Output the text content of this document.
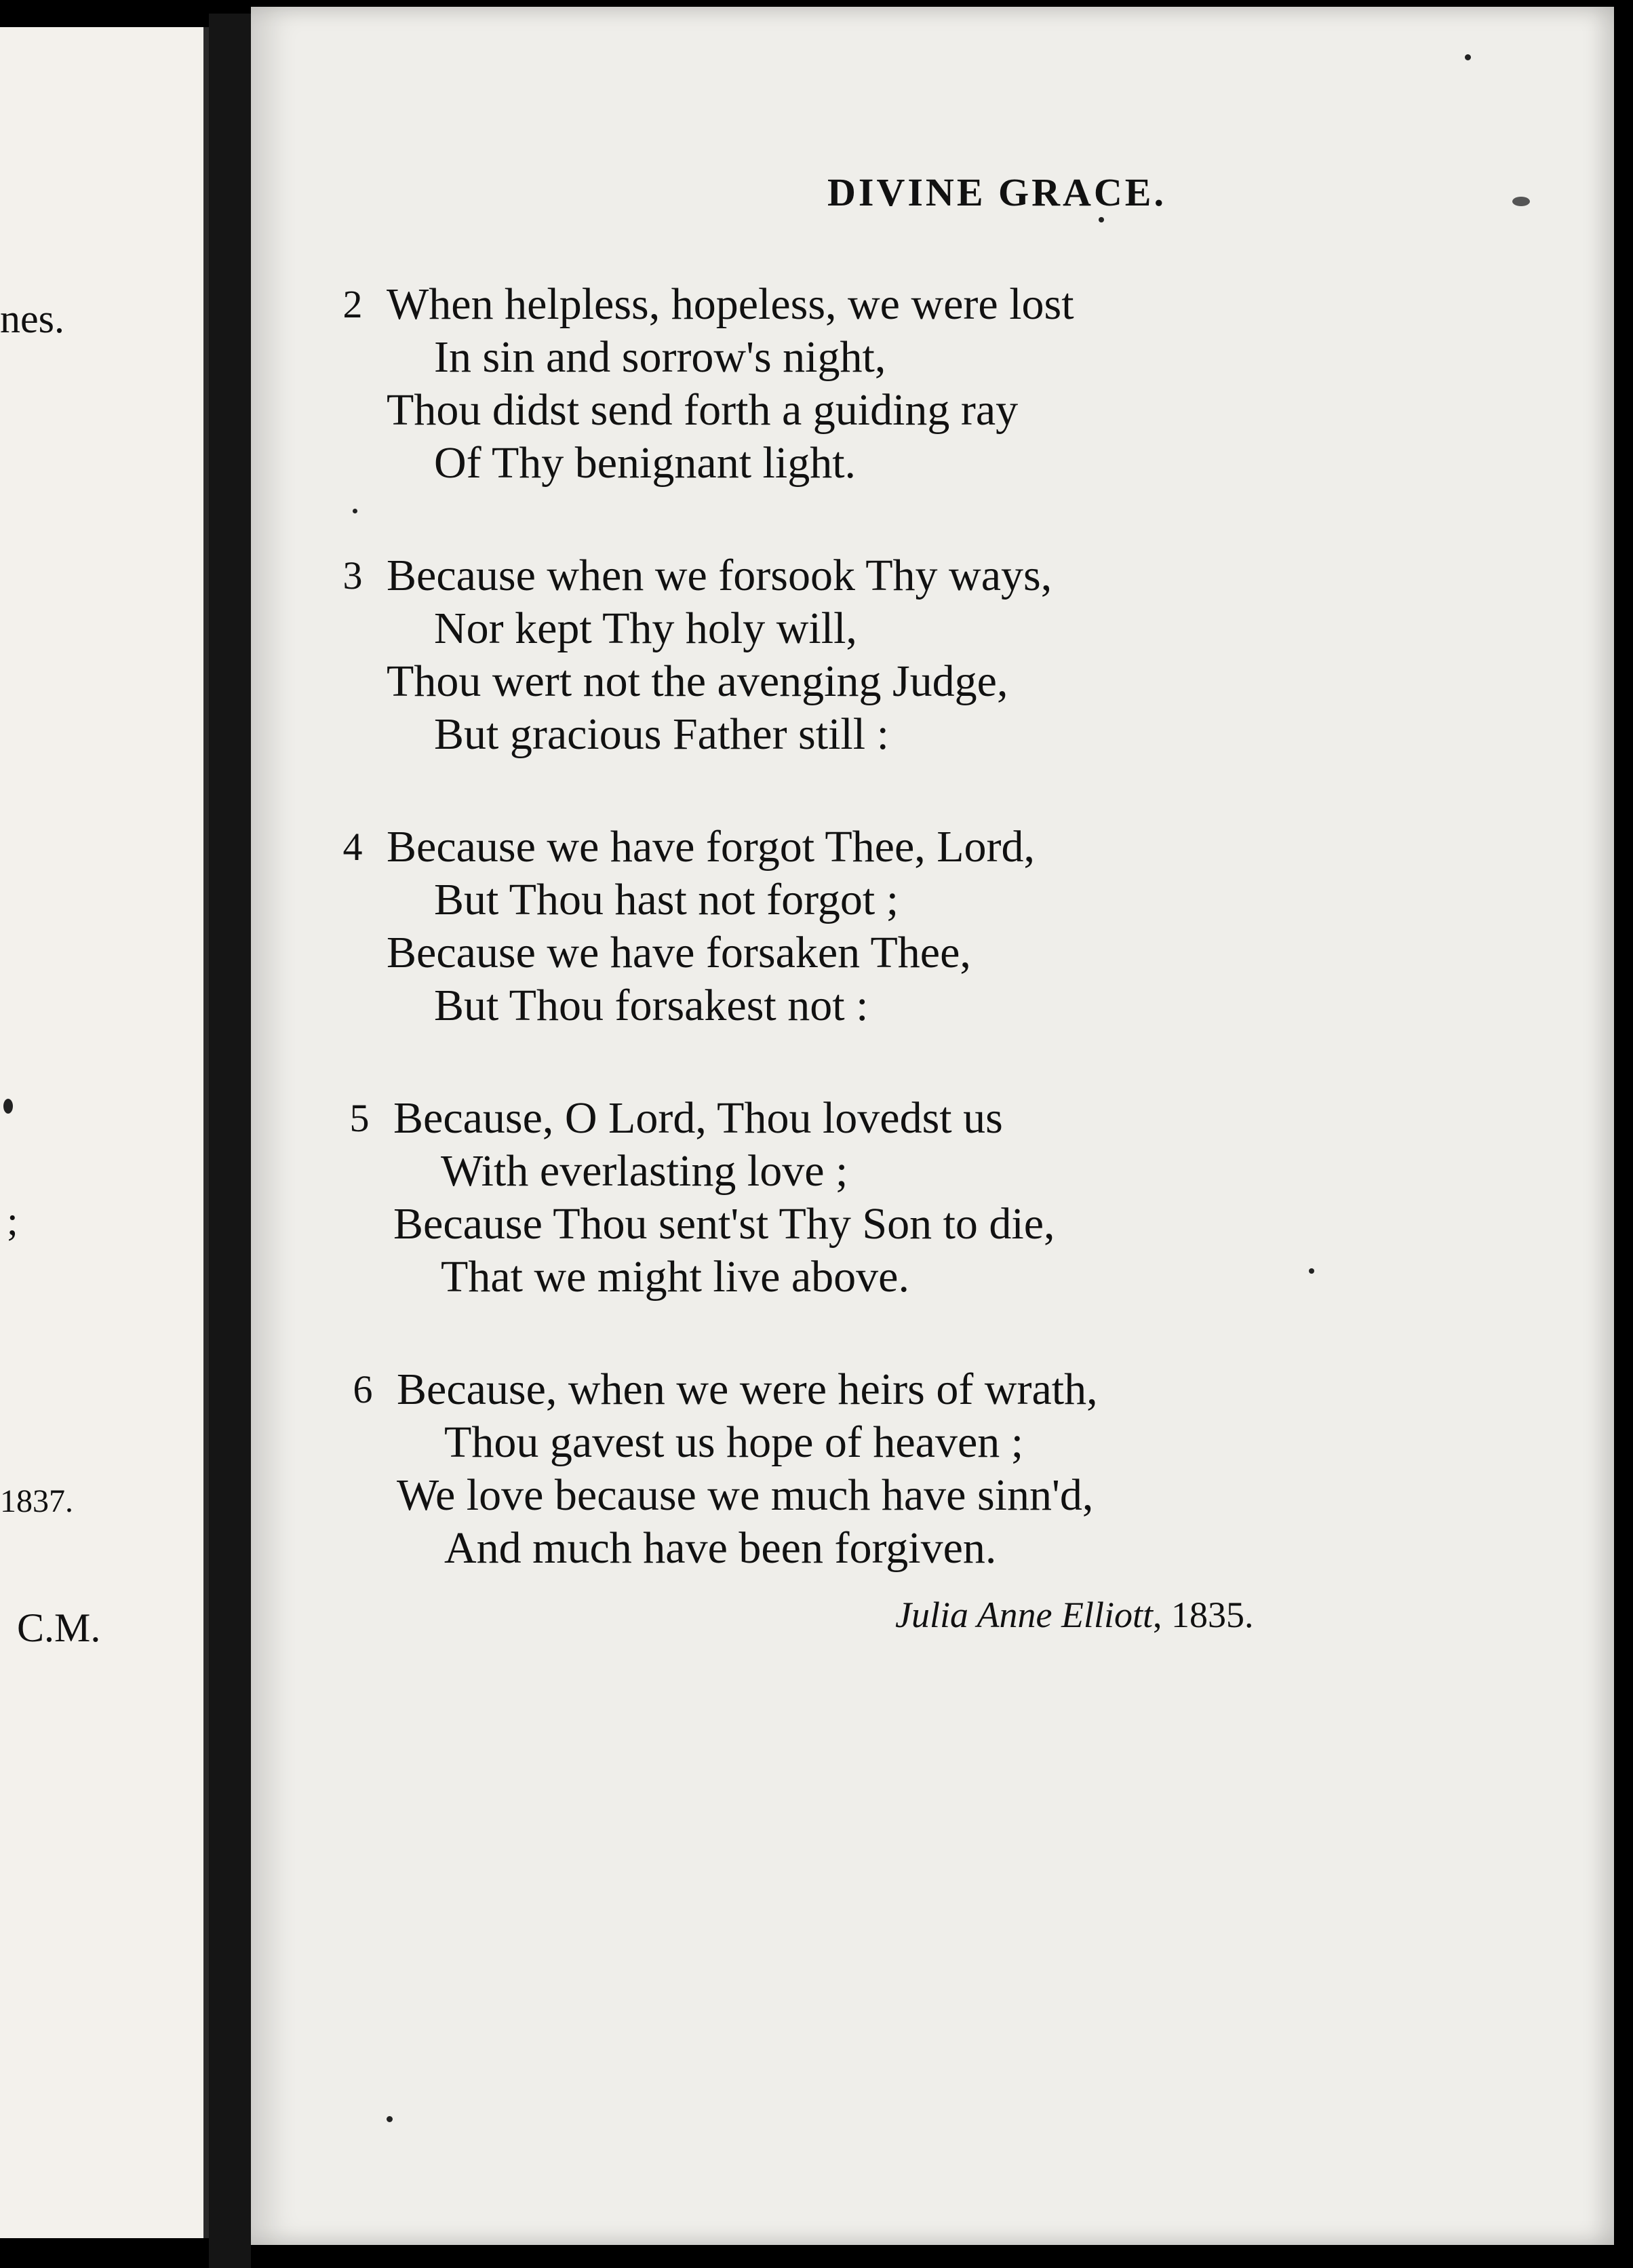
nes.
;
1837.
C.M.
DIVINE GRACE.
2 When helpless, hopeless, we were lost
In sin and sorrow's night,
Thou didst send forth a guiding ray
Of Thy benignant light.
3 Because when we forsook Thy ways,
Nor kept Thy holy will,
Thou wert not the avenging Judge,
But gracious Father still :
4 Because we have forgot Thee, Lord,
But Thou hast not forgot ;
Because we have forsaken Thee,
But Thou forsakest not :
5 Because, O Lord, Thou lovedst us
With everlasting love ;
Because Thou sent'st Thy Son to die,
That we might live above.
6 Because, when we were heirs of wrath,
Thou gavest us hope of heaven ;
We love because we much have sinn'd,
And much have been forgiven.
Julia Anne Elliott, 1835.
